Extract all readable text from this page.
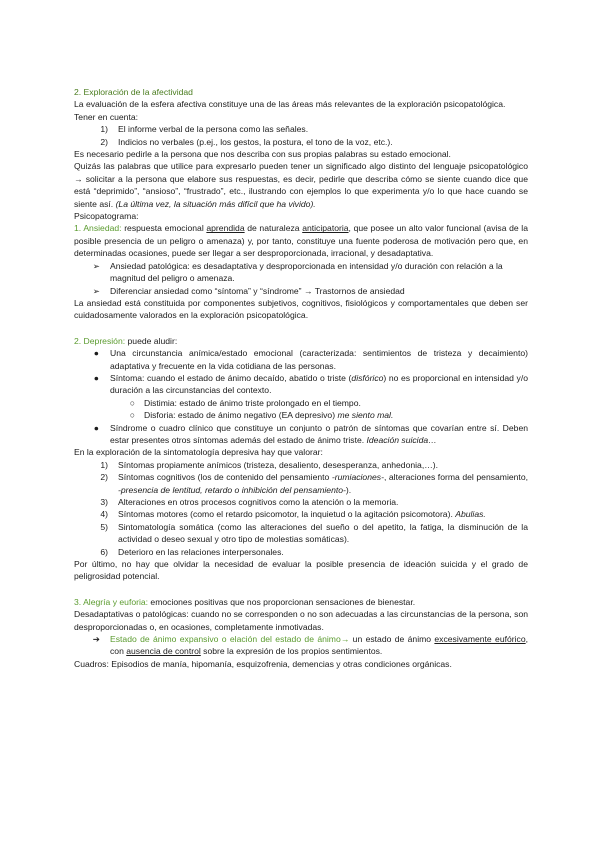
2. Exploración de la afectividad

La evaluación de la esfera afectiva constituye una de las áreas más relevantes de la exploración psicopatológica.

Tener en cuenta:

1)	El informe verbal de la persona como las señales.
2)	Indicios no verbales (p.ej., los gestos, la postura, el tono de la voz, etc.).

Es necesario pedirle a la persona que nos describa con sus propias palabras su estado emocional.

Quizás las palabras que utilice para expresarlo pueden tener un significado algo distinto del lenguaje psicopatológico → solicitar a la persona que elabore sus respuestas, es decir, pedirle que describa cómo se siente cuando dice que está “deprimido”, “ansioso”, “frustrado”, etc., ilustrando con ejemplos lo que experimenta y/o lo que hace cuando se siente así. (La última vez, la situación más difícil que ha vivido).

Psicopatograma:

1. Ansiedad: respuesta emocional aprendida de naturaleza anticipatoria, que posee un alto valor funcional (avisa de la posible presencia de un peligro o amenaza) y, por tanto, constituye una fuente poderosa de motivación pero que, en determinadas ocasiones, puede ser llegar a ser desproporcionada, irracional, y desadaptativa.

➢	Ansiedad patológica: es desadaptativa y desproporcionada en intensidad y/o duración con relación a la magnitud del peligro o amenaza.
➢	Diferenciar ansiedad como “síntoma” y “síndrome” → Trastornos de ansiedad

La ansiedad está constituida por componentes subjetivos, cognitivos, fisiológicos y comportamentales que deben ser cuidadosamente valorados en la exploración psicopatológica.

2. Depresión: puede aludir:

●	Una circunstancia anímica/estado emocional (caracterizada: sentimientos de tristeza y decaimiento) adaptativa y frecuente en la vida cotidiana de las personas.
●	Síntoma: cuando el estado de ánimo decaído, abatido o triste (disfórico) no es proporcional en intensidad y/o duración a las circunstancias del contexto.
○	Distimia: estado de ánimo triste prolongado en el tiempo.
○	Disforia: estado de ánimo negativo (EA depresivo) me siento mal.
●	Síndrome o cuadro clínico que constituye un conjunto o patrón de síntomas que covarían entre sí. Deben estar presentes otros síntomas además del estado de ánimo triste. Ideación suicida…

En la exploración de la sintomatología depresiva hay que valorar:

1)	Síntomas propiamente anímicos (tristeza, desaliento, desesperanza, anhedonia,…).
2)	Síntomas cognitivos (los de contenido del pensamiento -rumiaciones-, alteraciones forma del pensamiento, -presencia de lentitud, retardo o inhibición del pensamiento-).
3)	Alteraciones en otros procesos cognitivos como la atención o la memoria.
4)	Síntomas motores (como el retardo psicomotor, la inquietud o la agitación psicomotora). Abulias.
5)	Sintomatología somática (como las alteraciones del sueño o del apetito, la fatiga, la disminución de la actividad o deseo sexual y otro tipo de molestias somáticas).
6)	Deterioro en las relaciones interpersonales.

Por último, no hay que olvidar la necesidad de evaluar la posible presencia de ideación suicida y el grado de peligrosidad potencial.

3. Alegría y euforia: emociones positivas que nos proporcionan sensaciones de bienestar.

Desadaptativas o patológicas: cuando no se corresponden o no son adecuadas a las circunstancias de la persona, son desproporcionadas o, en ocasiones, completamente inmotivadas.

➔	Estado de ánimo expansivo o elación del estado de ánimo→ un estado de ánimo excesivamente eufórico, con ausencia de control sobre la expresión de los propios sentimientos.

Cuadros: Episodios de manía, hipomanía, esquizofrenia, demencias y otras condiciones orgánicas.
